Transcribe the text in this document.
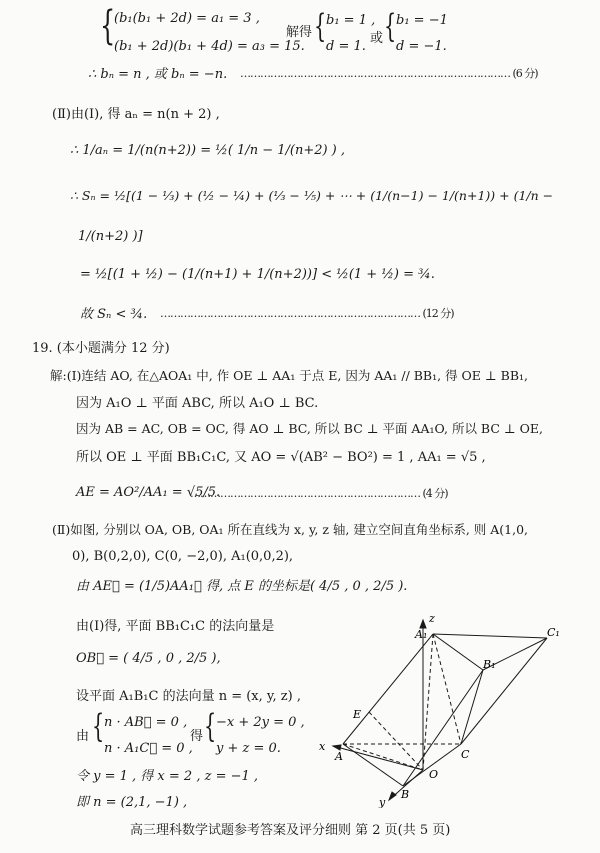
{
(b₁(b₁ + 2d) = a₁ = 3 ,
(b₁ + 2d)(b₁ + 4d) = a₃ = 15.
解得 { b₁ = 1 ,
d = 1.
或 { b₁ = −1
d = −1.
∴ bₙ = n , 或 bₙ = −n. ……………………………………………………………………… (6 分)
(Ⅱ)由(Ⅰ), 得 aₙ = n(n + 2) ,
∴ 1/aₙ = 1/(n(n+2)) = ½( 1/n − 1/(n+2) ) ,
∴ Sₙ = ½[(1 − ⅓) + (½ − ¼) + (⅓ − ⅕) + ⋯ + (1/(n−1) − 1/(n+1)) + (1/n −
1/(n+2) )]
= ½[(1 + ½) − (1/(n+1) + 1/(n+2))] < ½(1 + ½) = ¾.
故 Sₙ < ¾. …………………………………………………………………… (12 分)
19. (本小题满分 12 分)
解:(Ⅰ)连结 AO, 在△AOA₁ 中, 作 OE ⊥ AA₁ 于点 E, 因为 AA₁ // BB₁, 得 OE ⊥ BB₁,
因为 A₁O ⊥ 平面 ABC, 所以 A₁O ⊥ BC.
因为 AB = AC, OB = OC, 得 AO ⊥ BC, 所以 BC ⊥ 平面 AA₁O, 所以 BC ⊥ OE,
所以 OE ⊥ 平面 BB₁C₁C, 又 AO = √(AB² − BO²) = 1 , AA₁ = √5 ,
AE = AO²/AA₁ = √5/5.
…………………………………………………………… (4 分)
(Ⅱ)如图, 分别以 OA, OB, OA₁ 所在直线为 x, y, z 轴, 建立空间直角坐标系, 则 A(1,0,
0), B(0,2,0), C(0, −2,0), A₁(0,0,2),
由 AE⃗ = (1/5)AA₁⃗ 得, 点 E 的坐标是( 4/5 , 0 , 2/5 ).
由(Ⅰ)得, 平面 BB₁C₁C 的法向量是
OB⃗ = ( 4/5 , 0 , 2/5 ),
设平面 A₁B₁C 的法向量 n = (x, y, z) ,
由 { n · AB⃗ = 0 ,
n · A₁C⃗ = 0 ,
得 { −x + 2y = 0 ,
y + z = 0.
令 y = 1 , 得 x = 2 , z = −1 ,
即 n = (2,1, −1) ,
z
A₁	C₁
B₁
E
x
A	C
O
B
y
高三理科数学试题参考答案及评分细则 第 2 页(共 5 页)
